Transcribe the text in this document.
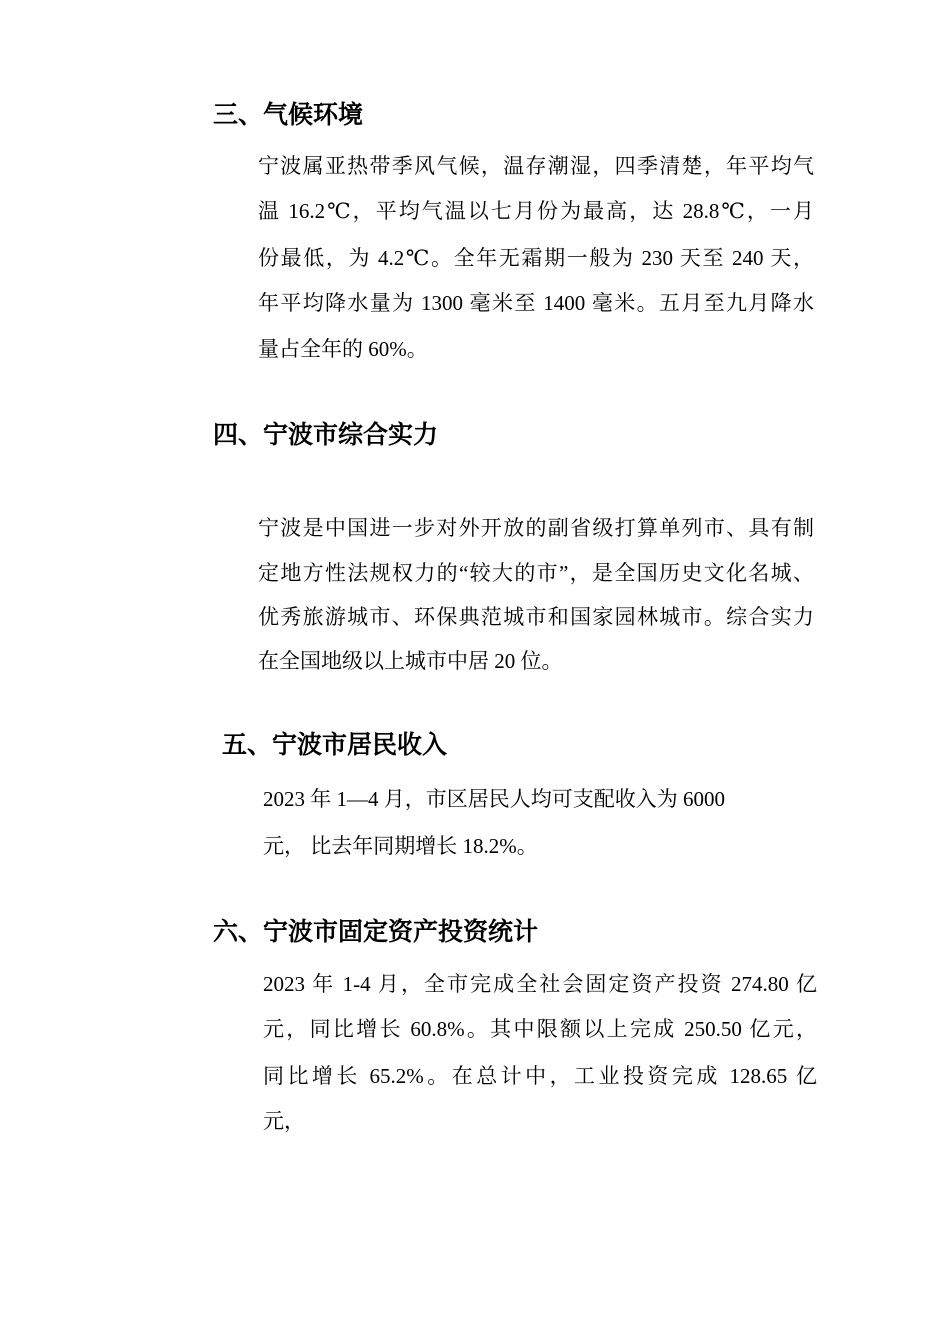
三、气候环境
宁波属亚热带季风气候，温存潮湿，四季清楚，年平均气
温 16.2℃，平均气温以七月份为最高，达 28.8℃，一月
份最低，为 4.2℃。全年无霜期一般为 230 天至 240 天，
年平均降水量为 1300 毫米至 1400 毫米。五月至九月降水
量占全年的 60%。
四、宁波市综合实力
宁波是中国进一步对外开放的副省级打算单列市、具有制
定地方性法规权力的“较大的市”，是全国历史文化名城、
优秀旅游城市、环保典范城市和国家园林城市。综合实力
在全国地级以上城市中居 20 位。
五、宁波市居民收入
2023 年 1—4 月，市区居民人均可支配收入为 6000
元， 比去年同期增长 18.2%。
六、宁波市固定资产投资统计
2023 年 1-4 月，全市完成全社会固定资产投资 274.80 亿
元，同比增长 60.8%。其中限额以上完成 250.50 亿元，
同比增长 65.2%。在总计中，工业投资完成 128.65 亿
元，
